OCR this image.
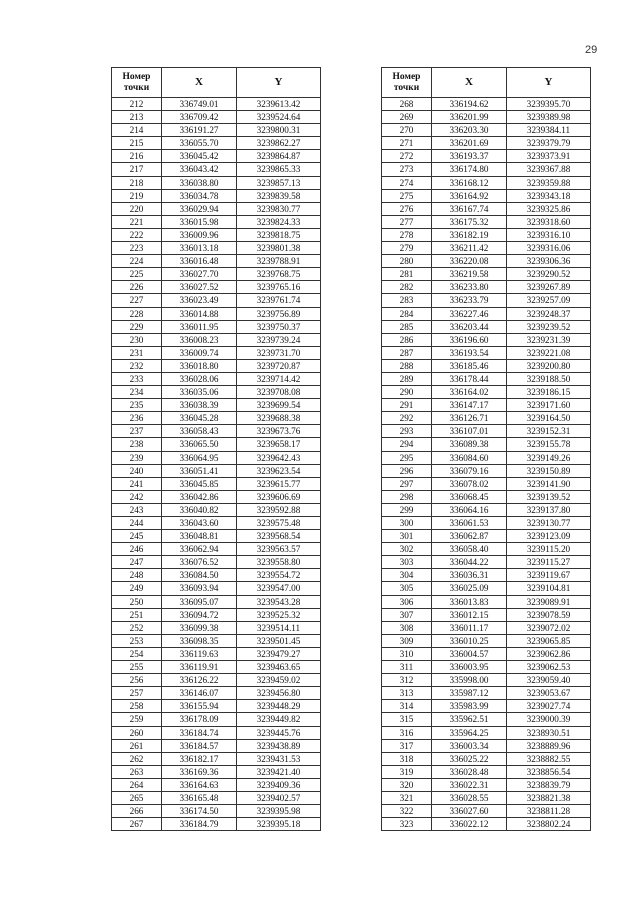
29
Номер точки	X	Y
212	336749.01	3239613.42
213	336709.42	3239524.64
214	336191.27	3239800.31
215	336055.70	3239862.27
216	336045.42	3239864.87
217	336043.42	3239865.33
218	336038.80	3239857.13
219	336034.78	3239839.58
220	336029.94	3239830.77
221	336015.98	3239824.33
222	336009.96	3239818.75
223	336013.18	3239801.38
224	336016.48	3239788.91
225	336027.70	3239768.75
226	336027.52	3239765.16
227	336023.49	3239761.74
228	336014.88	3239756.89
229	336011.95	3239750.37
230	336008.23	3239739.24
231	336009.74	3239731.70
232	336018.80	3239720.87
233	336028.06	3239714.42
234	336035.06	3239708.08
235	336038.39	3239699.54
236	336045.28	3239688.38
237	336058.43	3239673.76
238	336065.50	3239658.17
239	336064.95	3239642.43
240	336051.41	3239623.54
241	336045.85	3239615.77
242	336042.86	3239606.69
243	336040.82	3239592.88
244	336043.60	3239575.48
245	336048.81	3239568.54
246	336062.94	3239563.57
247	336076.52	3239558.80
248	336084.50	3239554.72
249	336093.94	3239547.00
250	336095.07	3239543.28
251	336094.72	3239525.32
252	336099.38	3239514.11
253	336098.35	3239501.45
254	336119.63	3239479.27
255	336119.91	3239463.65
256	336126.22	3239459.02
257	336146.07	3239456.80
258	336155.94	3239448.29
259	336178.09	3239449.82
260	336184.74	3239445.76
261	336184.57	3239438.89
262	336182.17	3239431.53
263	336169.36	3239421.40
264	336164.63	3239409.36
265	336165.48	3239402.57
266	336174.50	3239395.98
267	336184.79	3239395.18
Номер точки	X	Y
268	336194.62	3239395.70
269	336201.99	3239389.98
270	336203.30	3239384.11
271	336201.69	3239379.79
272	336193.37	3239373.91
273	336174.80	3239367.88
274	336168.12	3239359.88
275	336164.92	3239343.18
276	336167.74	3239325.86
277	336175.32	3239318.60
278	336182.19	3239316.10
279	336211.42	3239316.06
280	336220.08	3239306.36
281	336219.58	3239290.52
282	336233.80	3239267.89
283	336233.79	3239257.09
284	336227.46	3239248.37
285	336203.44	3239239.52
286	336196.60	3239231.39
287	336193.54	3239221.08
288	336185.46	3239200.80
289	336178.44	3239188.50
290	336164.02	3239186.15
291	336147.17	3239171.60
292	336126.71	3239164.50
293	336107.01	3239152.31
294	336089.38	3239155.78
295	336084.60	3239149.26
296	336079.16	3239150.89
297	336078.02	3239141.90
298	336068.45	3239139.52
299	336064.16	3239137.80
300	336061.53	3239130.77
301	336062.87	3239123.09
302	336058.40	3239115.20
303	336044.22	3239115.27
304	336036.31	3239119.67
305	336025.09	3239104.81
306	336013.83	3239089.91
307	336012.15	3239078.59
308	336011.17	3239072.02
309	336010.25	3239065.85
310	336004.57	3239062.86
311	336003.95	3239062.53
312	335998.00	3239059.40
313	335987.12	3239053.67
314	335983.99	3239027.74
315	335962.51	3239000.39
316	335964.25	3238930.51
317	336003.34	3238889.96
318	336025.22	3238882.55
319	336028.48	3238856.54
320	336022.31	3238839.79
321	336028.55	3238821.38
322	336027.60	3238811.28
323	336022.12	3238802.24
